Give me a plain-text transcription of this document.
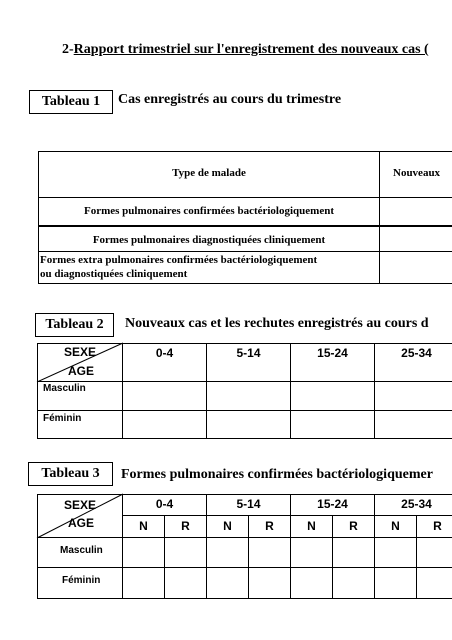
2-Rapport trimestriel sur l'enregistrement des nouveaux cas (
Tableau 1	Cas enregistrés au cours du trimestre
Type de malade	Nouveaux
Formes pulmonaires confirmées bactériologiquement
Formes pulmonaires diagnostiquées cliniquement
Formes extra pulmonaires confirmées bactériologiquement
ou diagnostiquées cliniquement
Tableau 2	Nouveaux cas et les rechutes enregistrés au cours d
SEXE
AGE
0-4	5-14	15-24	25-34
Masculin
Féminin
Tableau 3	Formes pulmonaires confirmées bactériologiquemer
SEXE
AGE
0-4	5-14	15-24	25-34
N	R	N	R	N	R	N	R
Masculin
Féminin
